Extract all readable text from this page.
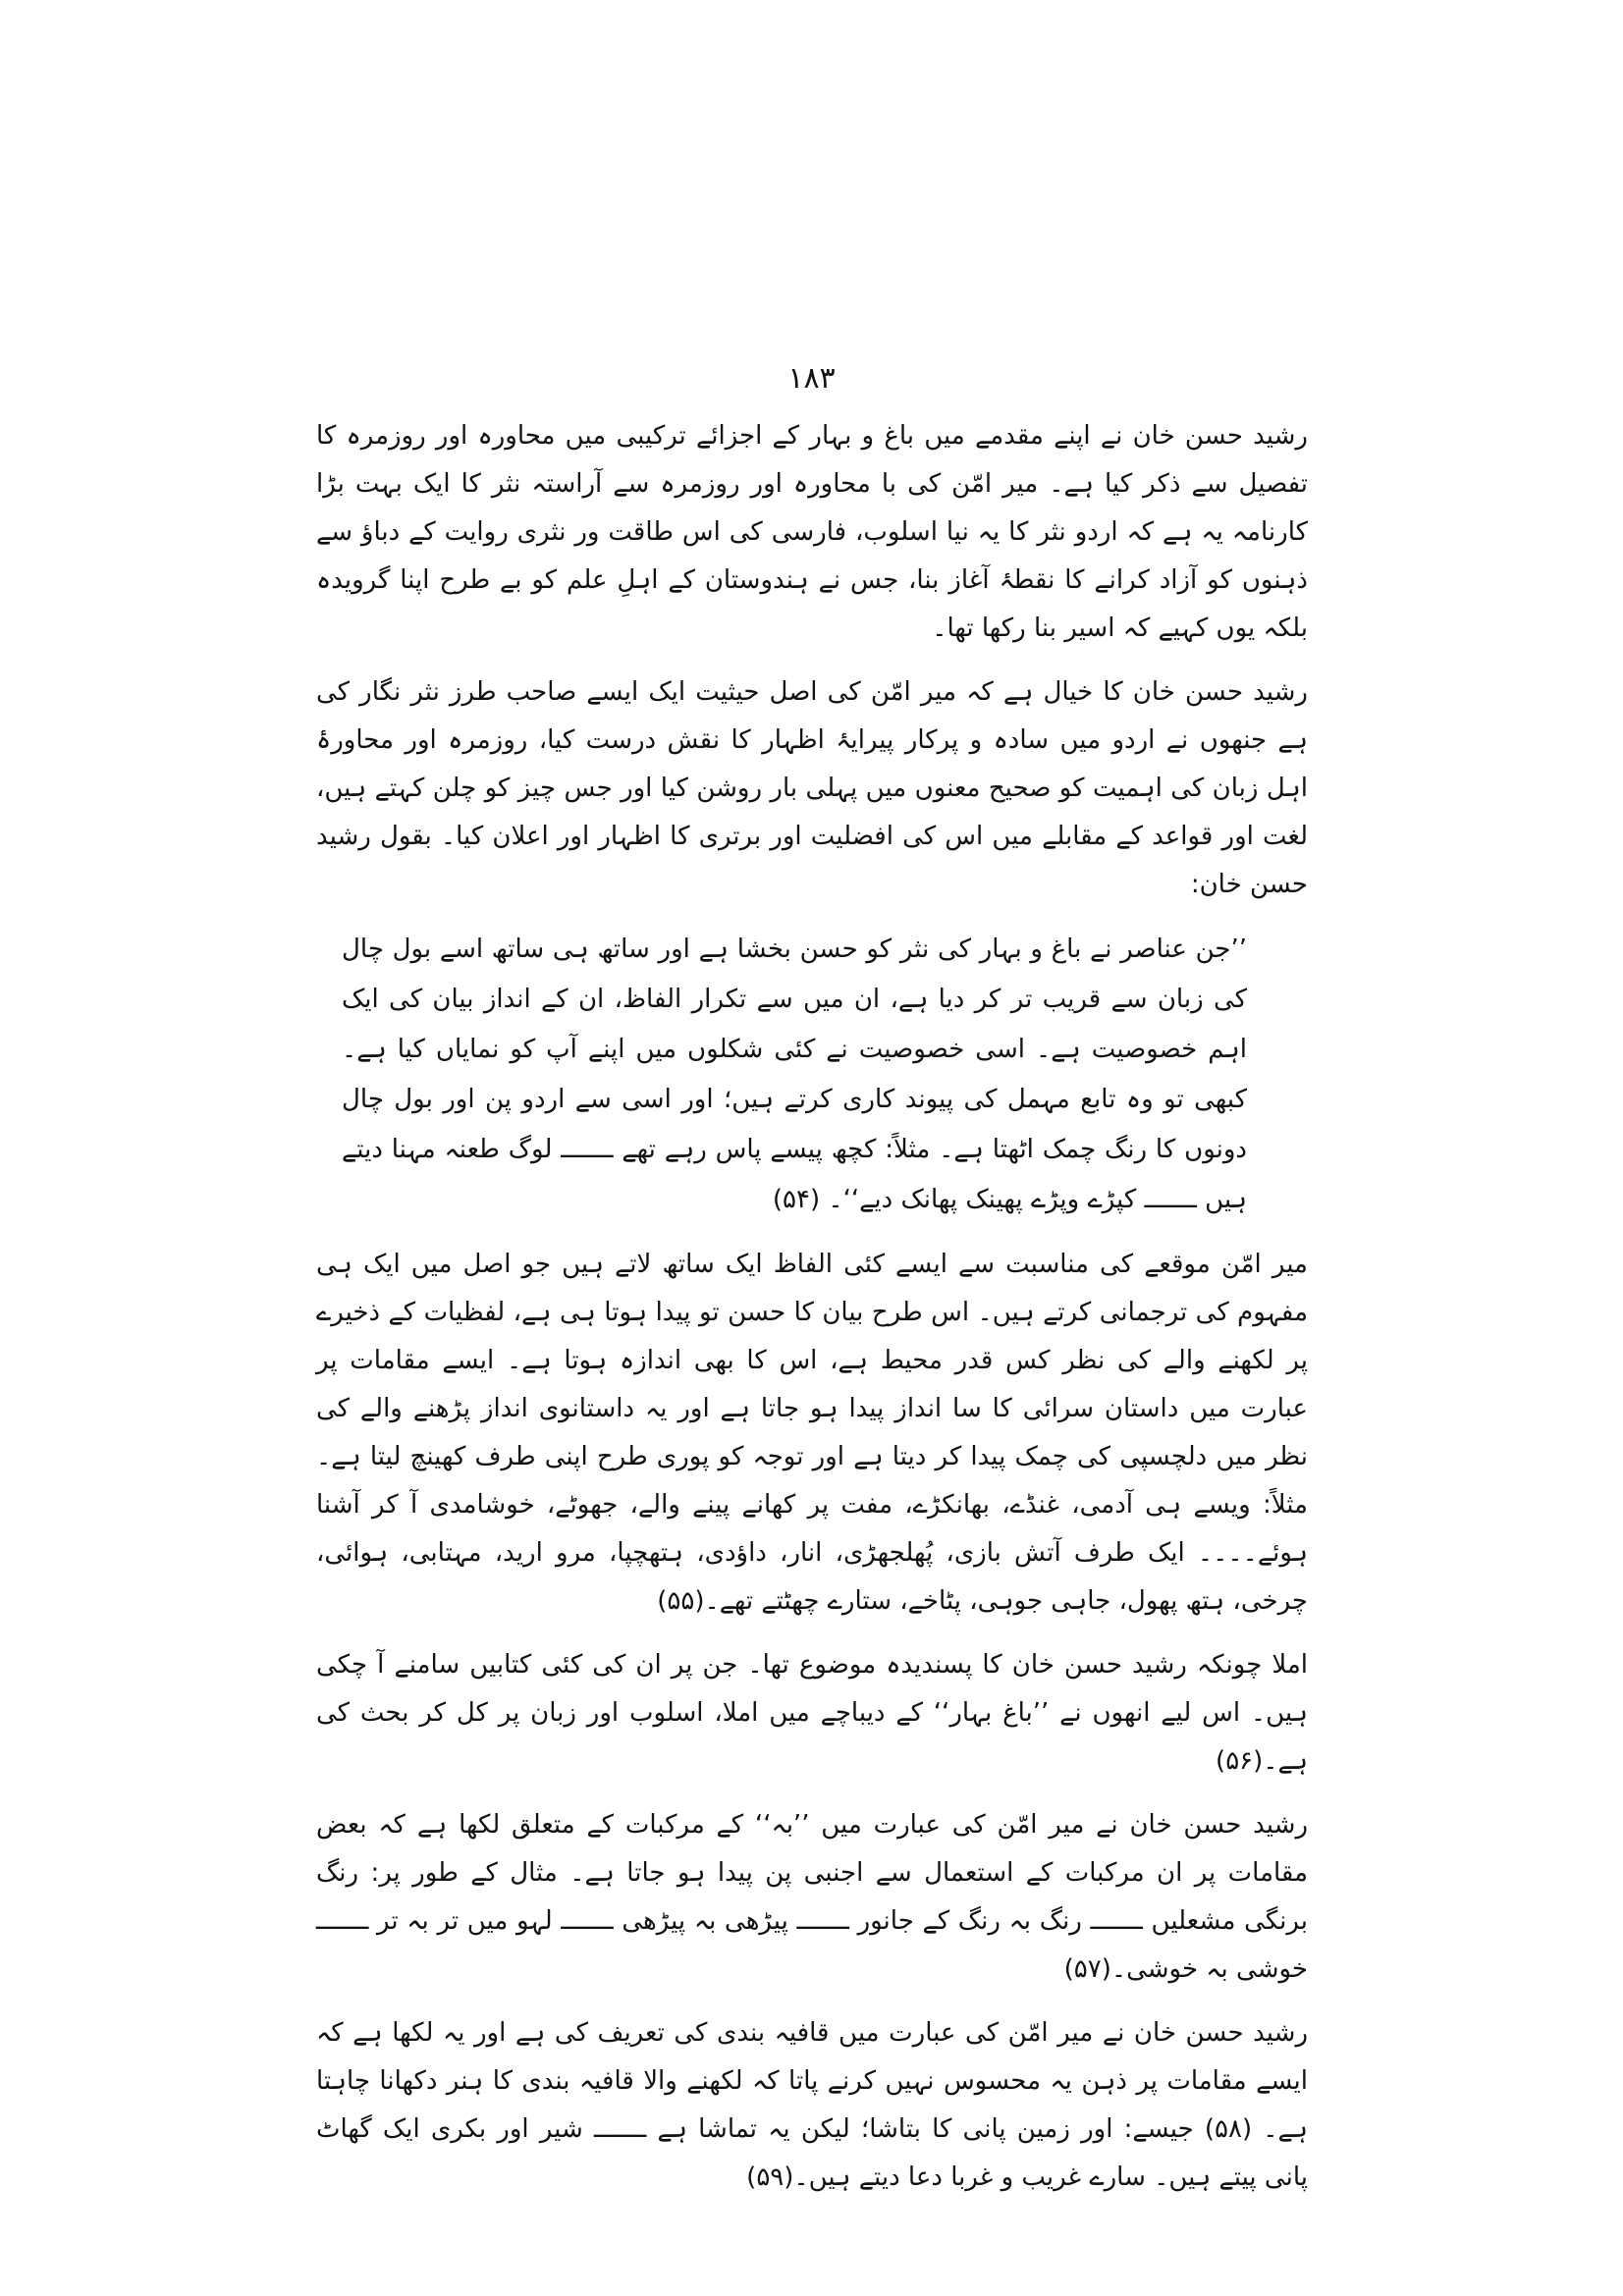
۱۸۳

رشید حسن خان نے اپنے مقدمے میں باغ و بہار کے اجزائے ترکیبی میں محاورہ اور روزمرہ کا تفصیل سے ذکر کیا ہے۔ میر امّن کی با محاورہ اور روزمرہ سے آراستہ نثر کا ایک بہت بڑا کارنامہ یہ ہے کہ اردو نثر کا یہ نیا اسلوب، فارسی کی اس طاقت ور نثری روایت کے دباؤ سے ذہنوں کو آزاد کرانے کا نقطۂ آغاز بنا، جس نے ہندوستان کے اہلِ علم کو بے طرح اپنا گرویدہ بلکہ یوں کہیے کہ اسیر بنا رکھا تھا۔

رشید حسن خان کا خیال ہے کہ میر امّن کی اصل حیثیت ایک ایسے صاحب طرز نثر نگار کی ہے جنھوں نے اردو میں سادہ و پرکار پیرایۂ اظہار کا نقش درست کیا، روزمرہ اور محاورۂ اہل زبان کی اہمیت کو صحیح معنوں میں پہلی بار روشن کیا اور جس چیز کو چلن کہتے ہیں، لغت اور قواعد کے مقابلے میں اس کی افضلیت اور برتری کا اظہار اور اعلان کیا۔ بقول رشید حسن خان:

’’جن عناصر نے باغ و بہار کی نثر کو حسن بخشا ہے اور ساتھ ہی ساتھ اسے بول چال کی زبان سے قریب تر کر دیا ہے، ان میں سے تکرار الفاظ، ان کے انداز بیان کی ایک اہم خصوصیت ہے۔ اسی خصوصیت نے کئی شکلوں میں اپنے آپ کو نمایاں کیا ہے۔ کبھی تو وہ تابع مہمل کی پیوند کاری کرتے ہیں؛ اور اسی سے اردو پن اور بول چال دونوں کا رنگ چمک اٹھتا ہے۔ مثلاً: کچھ پیسے پاس رہے تھے ـــــــ لوگ طعنہ مہنا دیتے ہیں ـــــــ کپڑے وپڑے پھینک پھانک دیے‘‘۔ (۵۴)

میر امّن موقعے کی مناسبت سے ایسے کئی الفاظ ایک ساتھ لاتے ہیں جو اصل میں ایک ہی مفہوم کی ترجمانی کرتے ہیں۔ اس طرح بیان کا حسن تو پیدا ہوتا ہی ہے، لفظیات کے ذخیرے پر لکھنے والے کی نظر کس قدر محیط ہے، اس کا بھی اندازہ ہوتا ہے۔ ایسے مقامات پر عبارت میں داستان سرائی کا سا انداز پیدا ہو جاتا ہے اور یہ داستانوی انداز پڑھنے والے کی نظر میں دلچسپی کی چمک پیدا کر دیتا ہے اور توجہ کو پوری طرح اپنی طرف کھینچ لیتا ہے۔ مثلاً: ویسے ہی آدمی، غنڈے، بھانکڑے، مفت پر کھانے پینے والے، جھوٹے، خوشامدی آ کر آشنا ہوئے۔۔۔۔ ایک طرف آتش بازی، پُھلجھڑی، انار، داؤدی، ہتھچپا، مرو ارید، مہتابی، ہوائی، چرخی، ہتھ پھول، جاہی جوہی، پٹاخے، ستارے چھٹتے تھے۔(۵۵)

املا چونکہ رشید حسن خان کا پسندیدہ موضوع تھا۔ جن پر ان کی کئی کتابیں سامنے آ چکی ہیں۔ اس لیے انھوں نے ’’باغ بہار‘‘ کے دیباچے میں املا، اسلوب اور زبان پر کل کر بحث کی ہے۔(۵۶)

رشید حسن خان نے میر امّن کی عبارت میں ’’بہ‘‘ کے مرکبات کے متعلق لکھا ہے کہ بعض مقامات پر ان مرکبات کے استعمال سے اجنبی پن پیدا ہو جاتا ہے۔ مثال کے طور پر: رنگ برنگی مشعلیں ـــــــ رنگ بہ رنگ کے جانور ـــــــ پیڑھی بہ پیڑھی ـــــــ لہو میں تر بہ تر ـــــــ خوشی بہ خوشی۔(۵۷)

رشید حسن خان نے میر امّن کی عبارت میں قافیہ بندی کی تعریف کی ہے اور یہ لکھا ہے کہ ایسے مقامات پر ذہن یہ محسوس نہیں کرنے پاتا کہ لکھنے والا قافیہ بندی کا ہنر دکھانا چاہتا ہے۔ (۵۸) جیسے: اور زمین پانی کا بتاشا؛ لیکن یہ تماشا ہے ـــــــ شیر اور بکری ایک گھاٹ پانی پیتے ہیں۔ سارے غریب و غربا دعا دیتے ہیں۔(۵۹)
